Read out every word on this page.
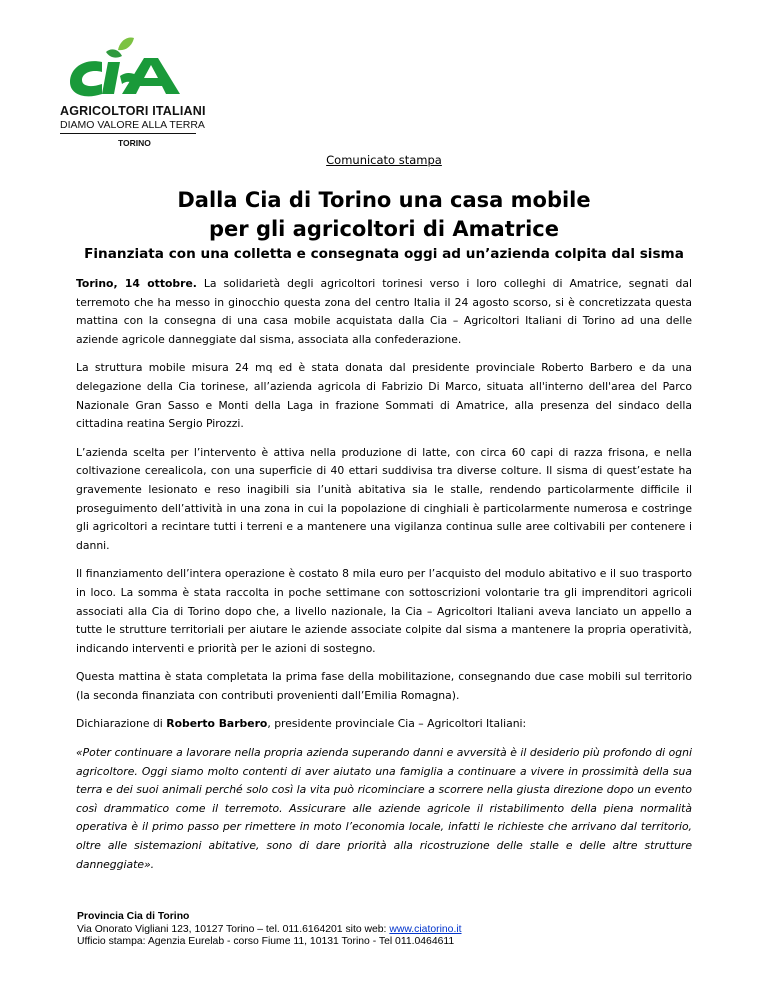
AGRICOLTORI ITALIANI
DIAMO VALORE ALLA TERRA
TORINO
Comunicato stampa
Dalla Cia di Torino una casa mobile
per gli agricoltori di Amatrice
Finanziata con una colletta e consegnata oggi ad un’azienda colpita dal sisma

Torino, 14 ottobre. La solidarietà degli agricoltori torinesi verso i loro colleghi di Amatrice, segnati dal terremoto che ha messo in ginocchio questa zona del centro Italia il 24 agosto scorso, si è concretizzata questa mattina con la consegna di una casa mobile acquistata dalla Cia – Agricoltori Italiani di Torino ad una delle aziende agricole danneggiate dal sisma, associata alla confederazione.

La struttura mobile misura 24 mq ed è stata donata dal presidente provinciale Roberto Barbero e da una delegazione della Cia torinese, all’azienda agricola di Fabrizio Di Marco, situata all'interno dell'area del Parco Nazionale Gran Sasso e Monti della Laga in frazione Sommati di Amatrice, alla presenza del sindaco della cittadina reatina Sergio Pirozzi.

L’azienda scelta per l’intervento è attiva nella produzione di latte, con circa 60 capi di razza frisona, e nella coltivazione cerealicola, con una superficie di 40 ettari suddivisa tra diverse colture. Il sisma di quest’estate ha gravemente lesionato e reso inagibili sia l’unità abitativa sia le stalle, rendendo particolarmente difficile il proseguimento dell’attività in una zona in cui la popolazione di cinghiali è particolarmente numerosa e costringe gli agricoltori a recintare tutti i terreni e a mantenere una vigilanza continua sulle aree coltivabili per contenere i danni.

Il finanziamento dell’intera operazione è costato 8 mila euro per l’acquisto del modulo abitativo e il suo trasporto in loco. La somma è stata raccolta in poche settimane con sottoscrizioni volontarie tra gli imprenditori agricoli associati alla Cia di Torino dopo che, a livello nazionale, la Cia – Agricoltori Italiani aveva lanciato un appello a tutte le strutture territoriali per aiutare le aziende associate colpite dal sisma a mantenere la propria operatività, indicando interventi e priorità per le azioni di sostegno.

Questa mattina è stata completata la prima fase della mobilitazione, consegnando due case mobili sul territorio (la seconda finanziata con contributi provenienti dall’Emilia Romagna).

Dichiarazione di Roberto Barbero, presidente provinciale Cia – Agricoltori Italiani:

«Poter continuare a lavorare nella propria azienda superando danni e avversità è il desiderio più profondo di ogni agricoltore. Oggi siamo molto contenti di aver aiutato una famiglia a continuare a vivere in prossimità della sua terra e dei suoi animali perché solo così la vita può ricominciare a scorrere nella giusta direzione dopo un evento così drammatico come il terremoto. Assicurare alle aziende agricole il ristabilimento della piena normalità operativa è il primo passo per rimettere in moto l’economia locale, infatti le richieste che arrivano dal territorio, oltre alle sistemazioni abitative, sono di dare priorità alla ricostruzione delle stalle e delle altre strutture danneggiate».

Provincia Cia di Torino
Via Onorato Vigliani 123, 10127 Torino – tel. 011.6164201 sito web: www.ciatorino.it
Ufficio stampa: Agenzia Eurelab - corso Fiume 11, 10131 Torino - Tel 011.0464611
